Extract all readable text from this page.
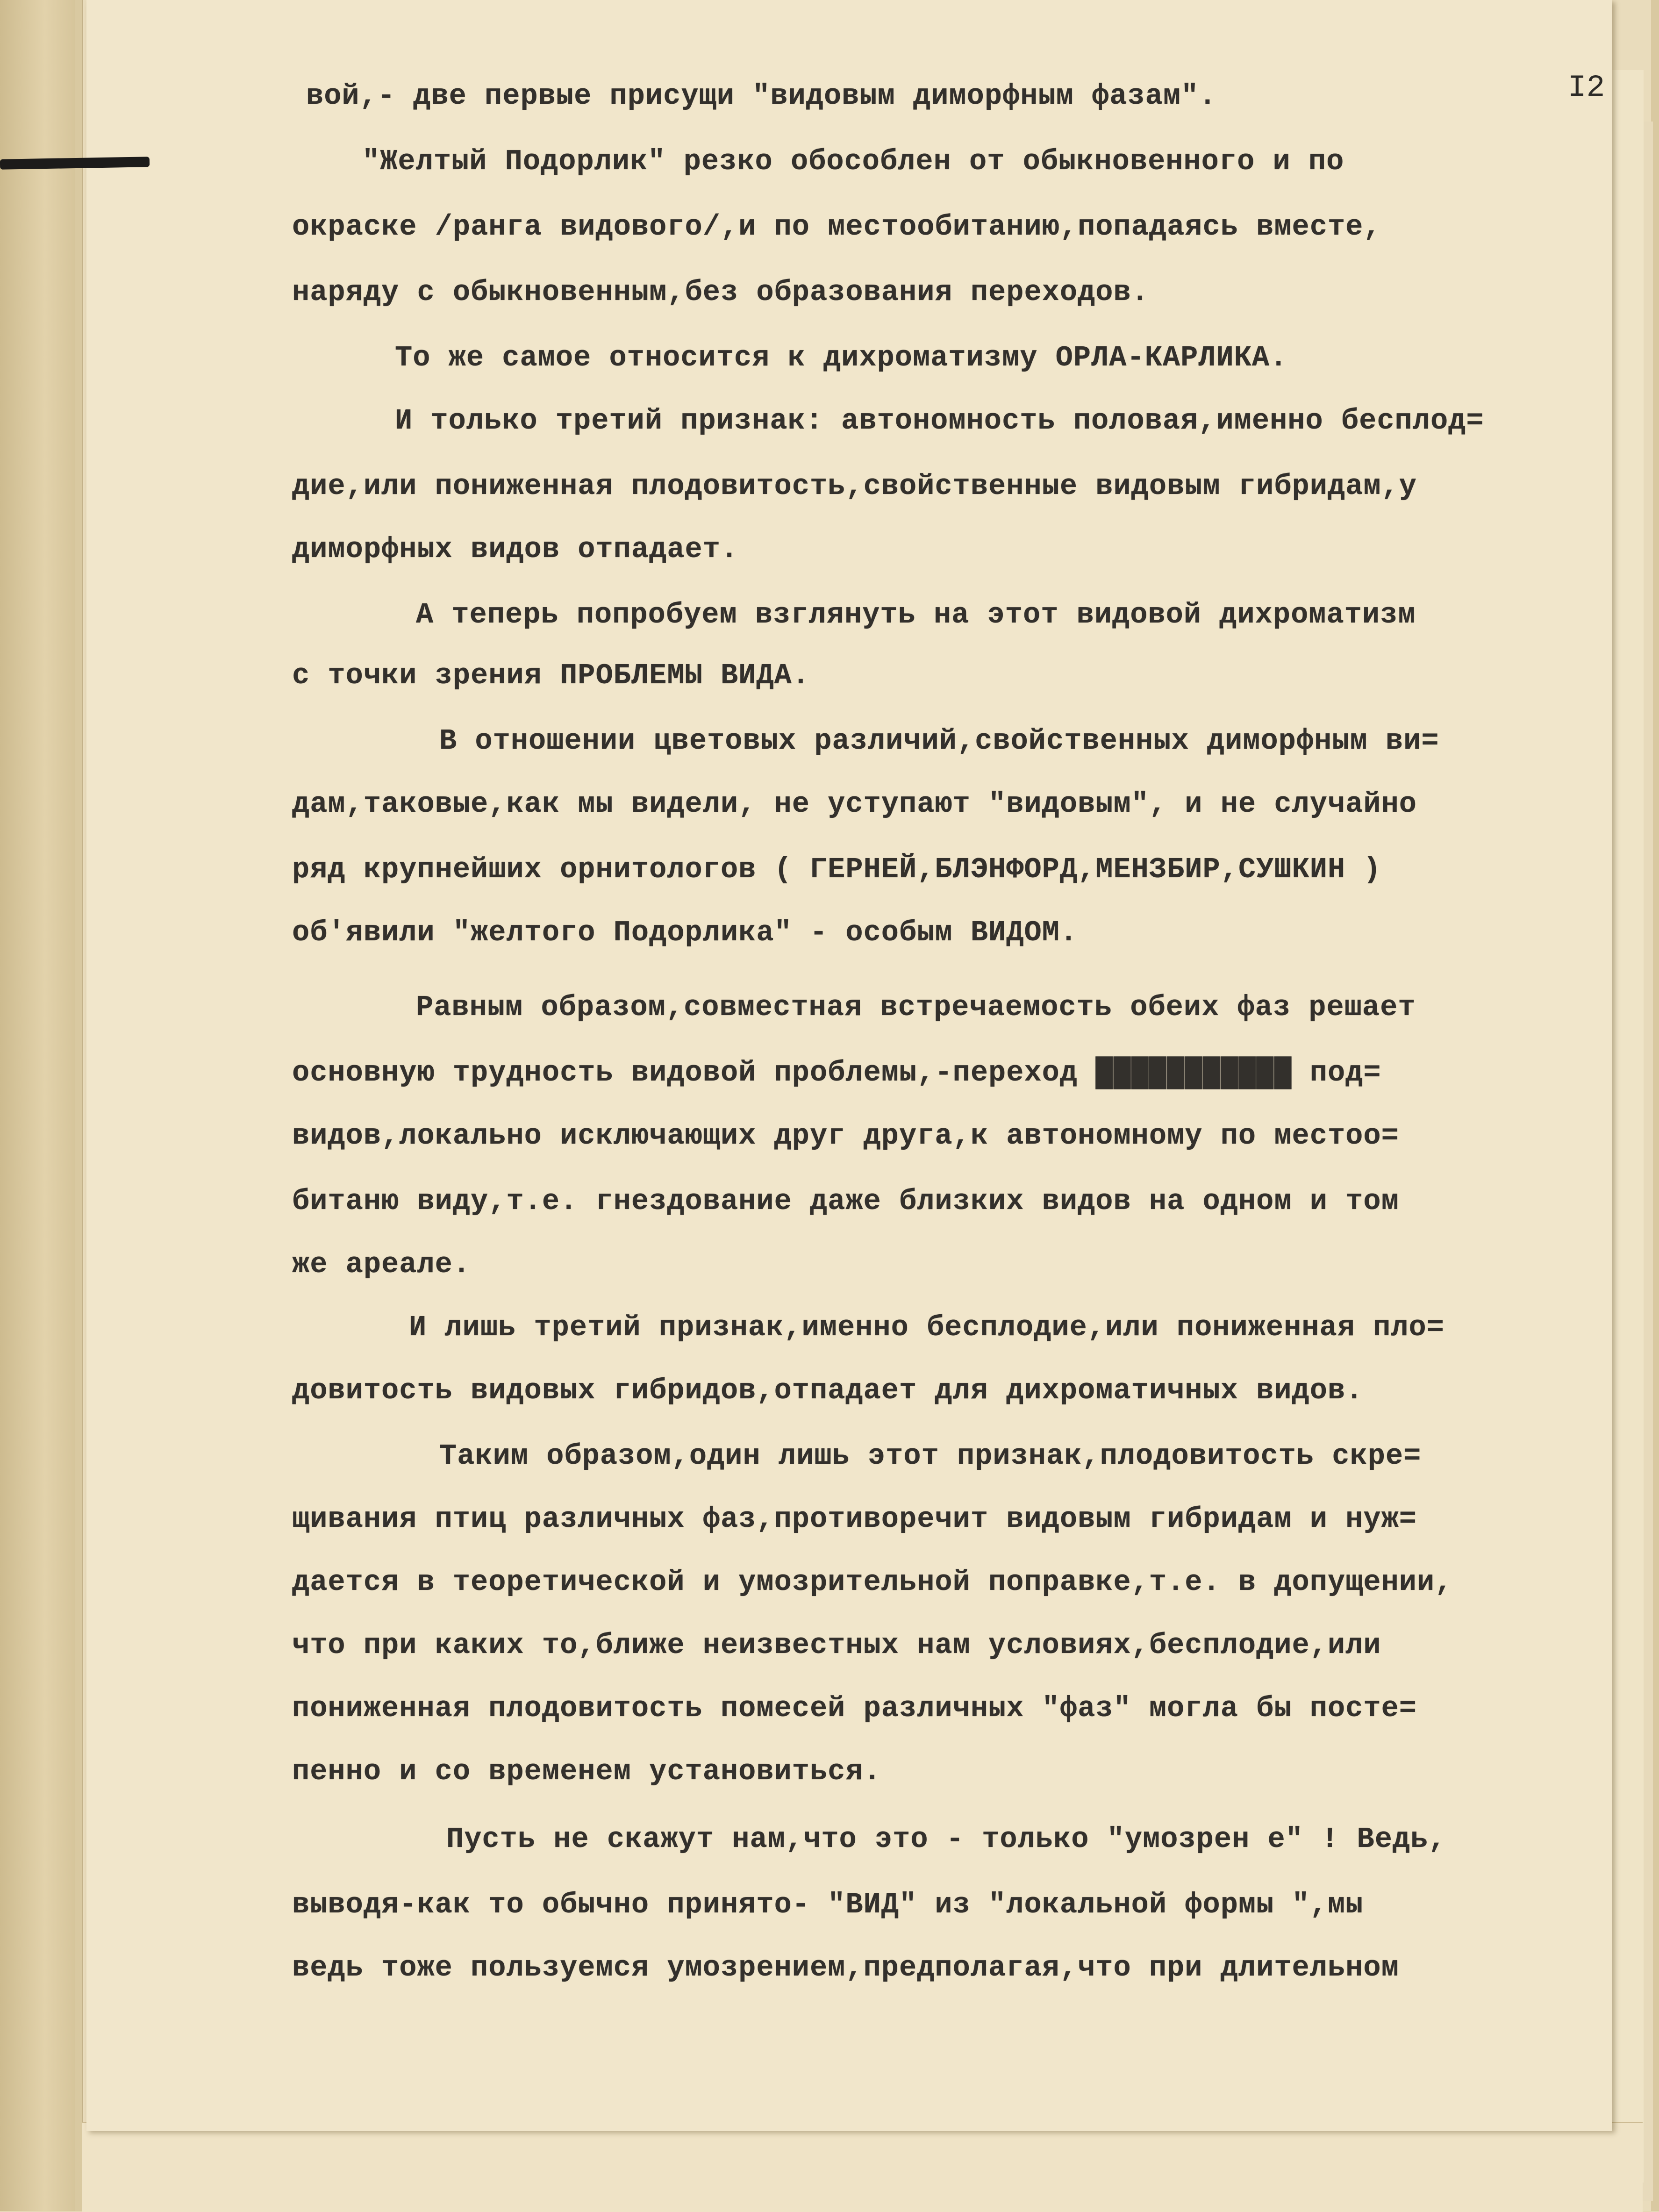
I2

вой,- две первые присущи "видовым диморфным фазам".
"Желтый Подорлик" резко обособлен от обыкновенного и по
окраске /ранга видового/,и по местообитанию,попадаясь вместе,
наряду с обыкновенным,без образования переходов.
То же самое относится к дихроматизму ОРЛА-КАРЛИКА.
И только третий признак: автономность половая,именно бесплод=
дие,или пониженная плодовитость,свойственные видовым гибридам,у
диморфных видов отпадает.
А теперь попробуем взглянуть на этот видовой дихроматизм
с точки зрения ПРОБЛЕМЫ ВИДА.
В отношении цветовых различий,свойственных диморфным ви=
дам,таковые,как мы видели, не уступают "видовым", и не случайно
ряд крупнейших орнитологов ( ГЕРНЕЙ,БЛЭНФОРД,МЕНЗБИР,СУШКИН )
об'явили "желтого Подорлика" - особым ВИДОМ.
Равным образом,совместная встречаемость обеих фаз решает
основную трудность видовой проблемы,-переход ███████████ под=
видов,локально исключающих друг друга,к автономному по местоо=
битаню виду,т.е. гнездование даже близких видов на одном и том
же ареале.
И лишь третий признак,именно бесплодие,или пониженная пло=
довитость видовых гибридов,отпадает для дихроматичных видов.
Таким образом,один лишь этот признак,плодовитость скре=
щивания птиц различных фаз,противоречит видовым гибридам и нуж=
дается в теоретической и умозрительной поправке,т.е. в допущении,
что при каких то,ближе неизвестных нам условиях,бесплодие,или
пониженная плодовитость помесей различных "фаз" могла бы посте=
пенно и со временем установиться.
Пусть не скажут нам,что это - только "умозрен е" ! Ведь,
выводя-как то обычно принято- "ВИД" из "локальной формы ",мы
ведь тоже пользуемся умозрением,предполагая,что при длительном
